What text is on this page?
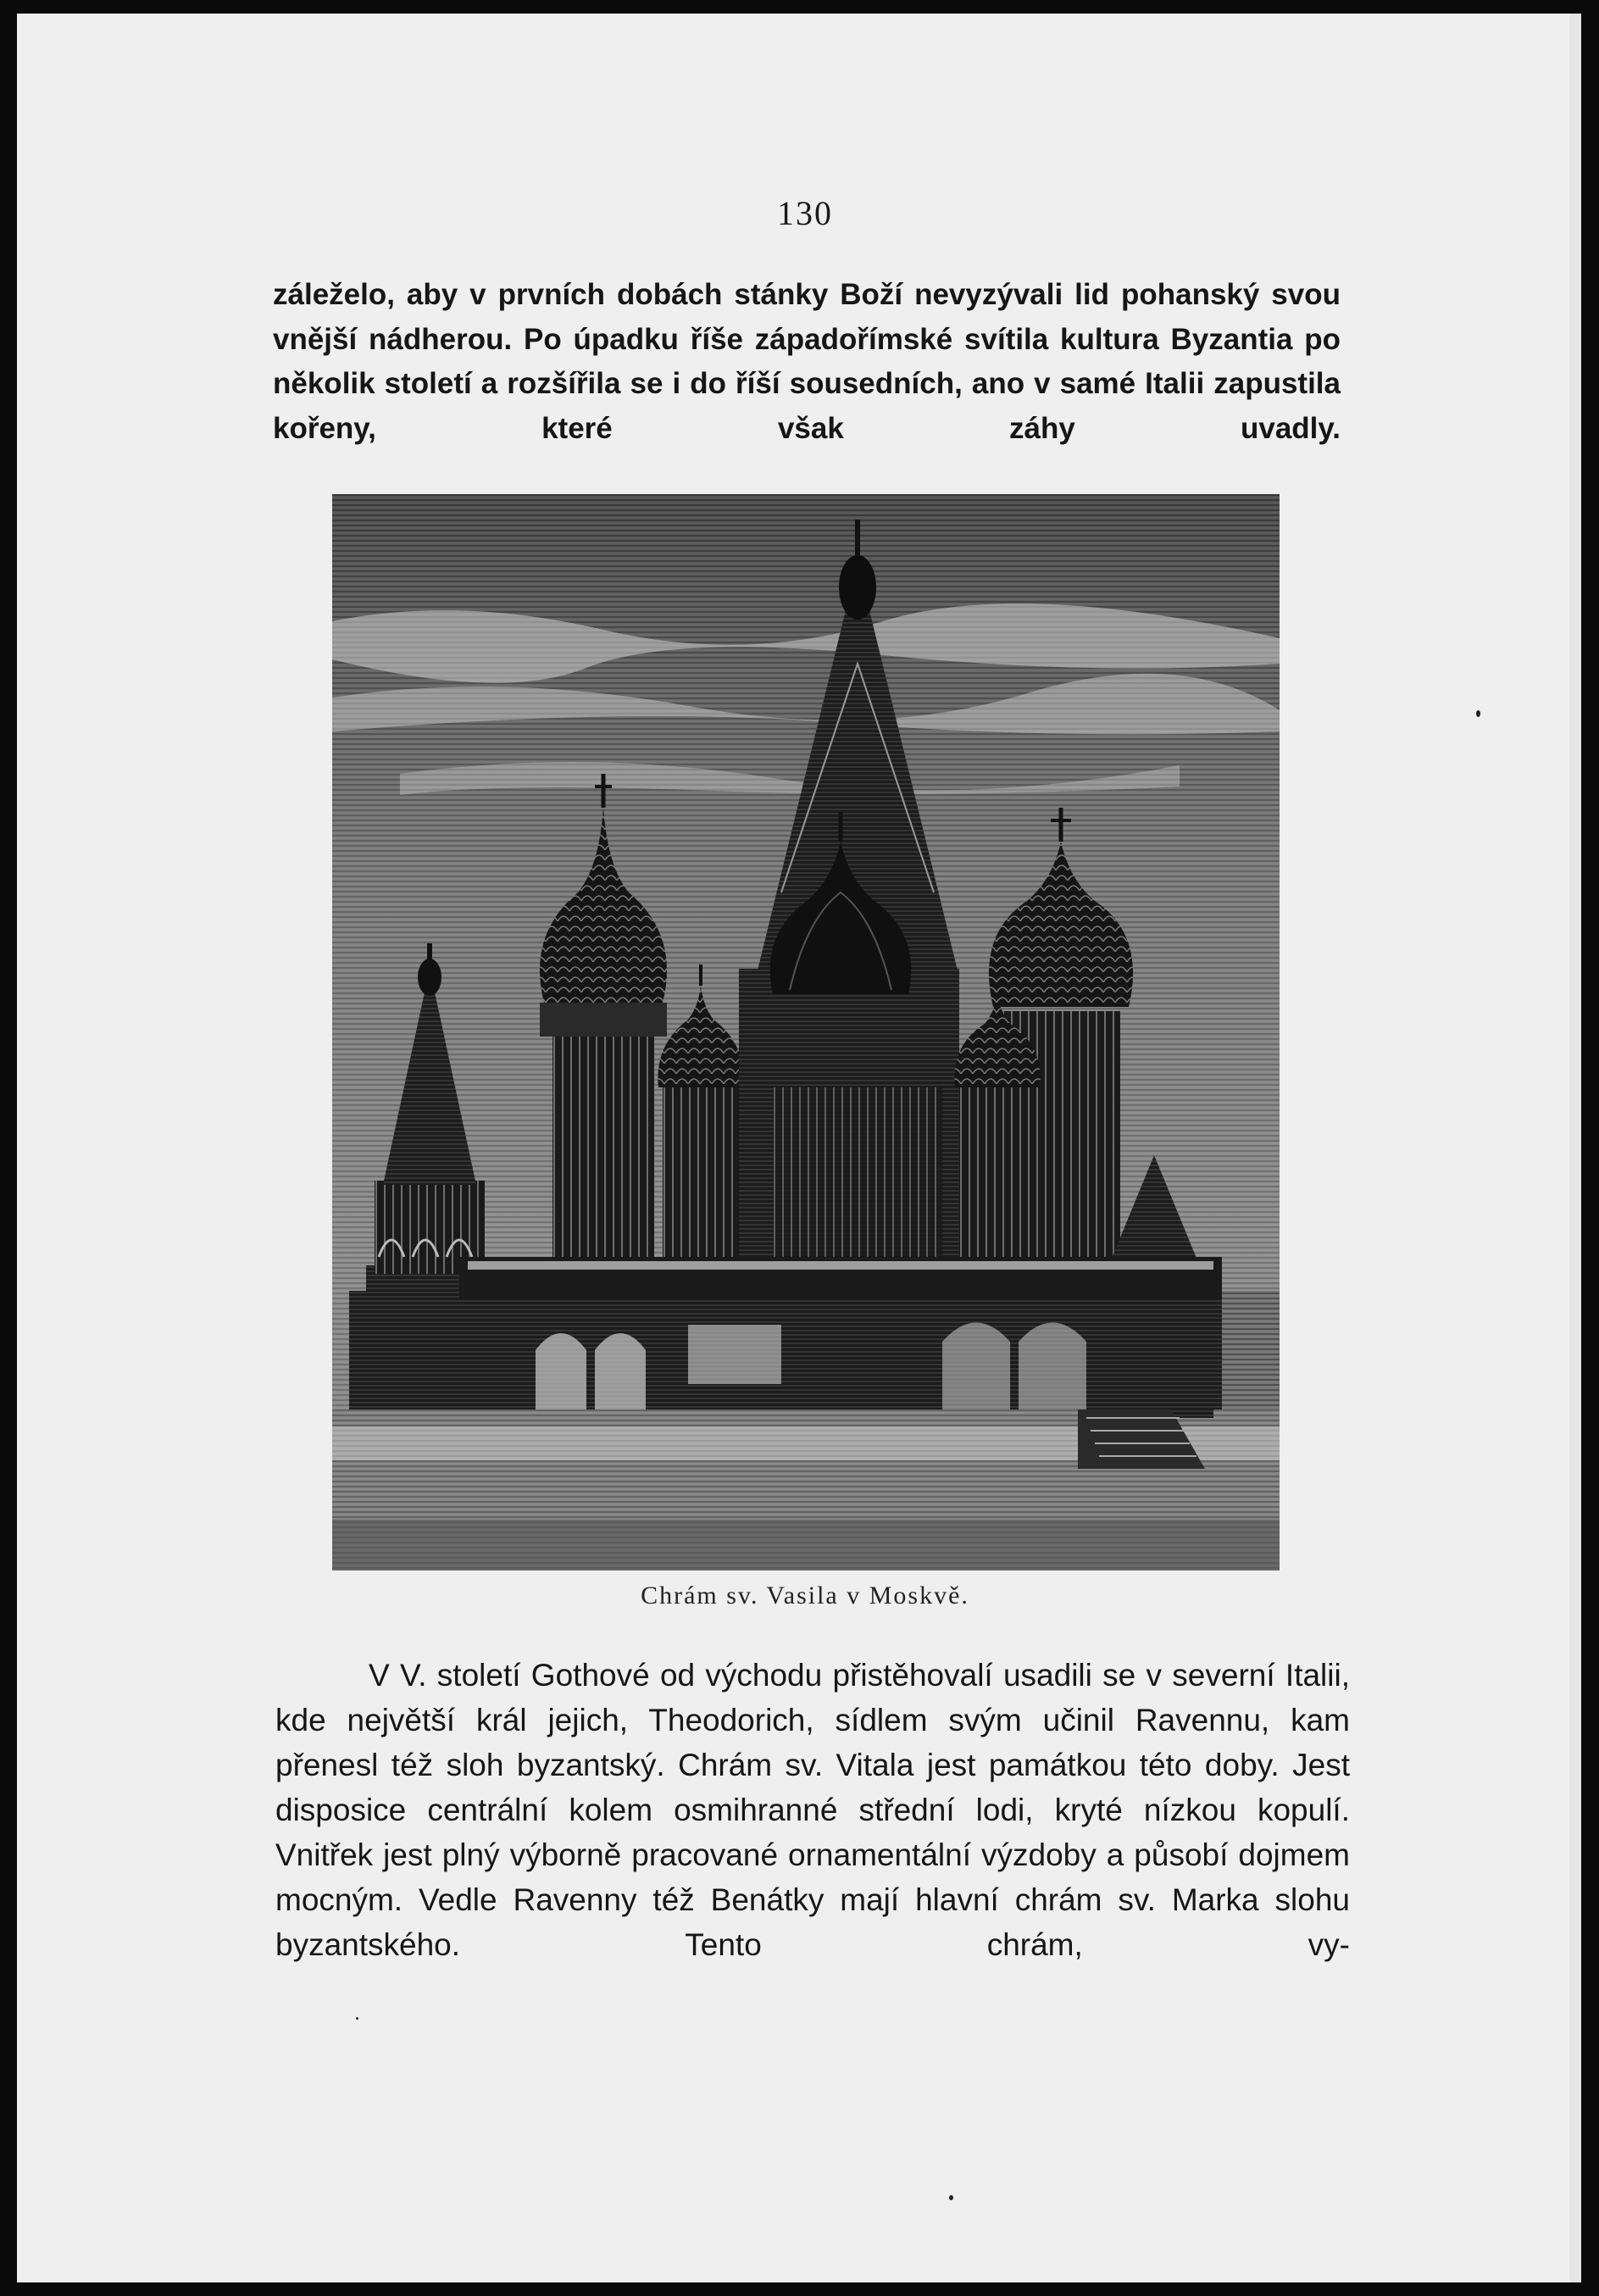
130

záleželo, aby v prvních dobách stánky Boží nevyzývali lid pohanský svou vnější nádherou. Po úpadku říše západořímské svítila kultura Byzantia po několik století a rozšířila se i do říší sousedních, ano v samé Italii zapustila kořeny, které však záhy uvadly.

Chrám sv. Vasila v Moskvě.

V V. století Gothové od východu přistěhovalí usadili se v severní Italii, kde největší král jejich, Theodorich, sídlem svým učinil Ravennu, kam přenesl též sloh byzantský. Chrám sv. Vitala jest památkou této doby. Jest disposice centrální kolem osmihranné střední lodi, kryté nízkou kopulí. Vnitřek jest plný výborně pracované ornamentální výzdoby a působí dojmem mocným. Vedle Ravenny též Benátky mají hlavní chrám sv. Marka slohu byzantského. Tento chrám, vy-
